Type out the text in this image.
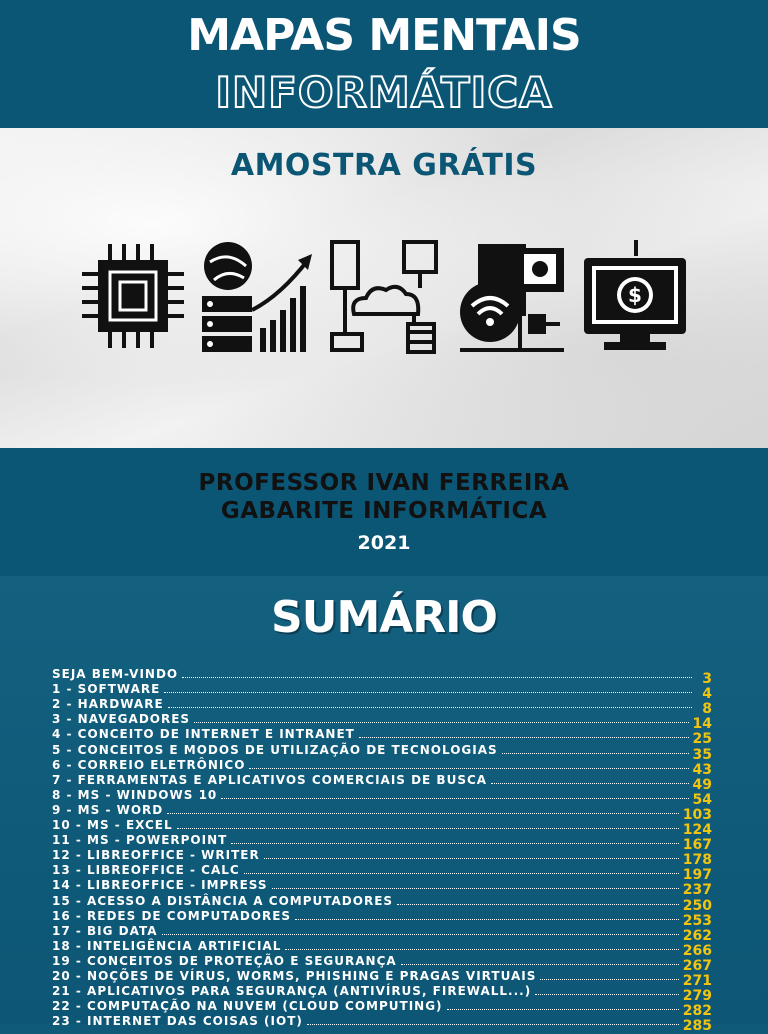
MAPAS MENTAIS
INFORMÁTICA
AMOSTRA GRÁTIS
$
PROFESSOR IVAN FERREIRA
GABARITE INFORMÁTICA
2021
SUMÁRIO
SEJA BEM-VINDO	3
1 - SOFTWARE	4
2 - HARDWARE	8
3 - NAVEGADORES	14
4 - CONCEITO DE INTERNET E INTRANET	25
5 - CONCEITOS E MODOS DE UTILIZAÇÃO DE TECNOLOGIAS	35
6 - CORREIO ELETRÔNICO	43
7 - FERRAMENTAS E APLICATIVOS COMERCIAIS DE BUSCA	49
8 - MS - WINDOWS 10	54
9 - MS - WORD	103
10 - MS - EXCEL	124
11 - MS - POWERPOINT	167
12 - LIBREOFFICE - WRITER	178
13 - LIBREOFFICE - CALC	197
14 - LIBREOFFICE - IMPRESS	237
15 - ACESSO A DISTÂNCIA A COMPUTADORES	250
16 - REDES DE COMPUTADORES	253
17 - BIG DATA	262
18 - INTELIGÊNCIA ARTIFICIAL	266
19 - CONCEITOS DE PROTEÇÃO E SEGURANÇA	267
20 - NOÇÕES DE VÍRUS, WORMS, PHISHING E PRAGAS VIRTUAIS	271
21 - APLICATIVOS PARA SEGURANÇA (ANTIVÍRUS, FIREWALL...)	279
22 - COMPUTAÇÃO NA NUVEM (CLOUD COMPUTING)	282
23 - INTERNET DAS COISAS (IOT)	285
